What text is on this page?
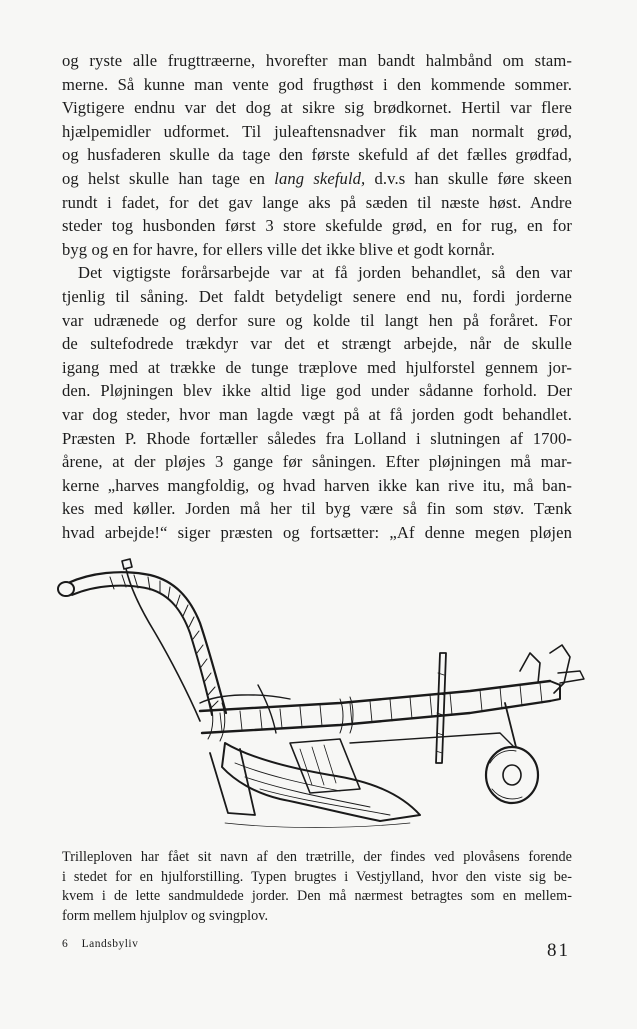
og ryste alle frugttræerne, hvorefter man bandt halmbånd om stam-
merne. Så kunne man vente god frugthøst i den kommende sommer.
Vigtigere endnu var det dog at sikre sig brødkornet. Hertil var flere
hjælpemidler udformet. Til juleaftensnadver fik man normalt grød,
og husfaderen skulle da tage den første skefuld af det fælles grødfad,
og helst skulle han tage en lang skefuld, d.v.s han skulle føre skeen
rundt i fadet, for det gav lange aks på sæden til næste høst. Andre
steder tog husbonden først 3 store skefulde grød, en for rug, en for
byg og en for havre, for ellers ville det ikke blive et godt kornår.
Det vigtigste forårsarbejde var at få jorden behandlet, så den var
tjenlig til såning. Det faldt betydeligt senere end nu, fordi jorderne
var udrænede og derfor sure og kolde til langt hen på foråret. For
de sultefodrede trækdyr var det et strængt arbejde, når de skulle
igang med at trække de tunge træplove med hjulforstel gennem jor-
den. Pløjningen blev ikke altid lige god under sådanne forhold. Der
var dog steder, hvor man lagde vægt på at få jorden godt behandlet.
Præsten P. Rhode fortæller således fra Lolland i slutningen af 1700-
årene, at der pløjes 3 gange før såningen. Efter pløjningen må mar-
kerne „harves mangfoldig, og hvad harven ikke kan rive itu, må ban-
kes med køller. Jorden må her til byg være så fin som støv. Tænk
hvad arbejde!“ siger præsten og fortsætter: „Af denne megen pløjen
Trilleploven har fået sit navn af den trætrille, der findes ved plovåsens forende
i stedet for en hjulforstilling. Typen brugtes i Vestjylland, hvor den viste sig be-
kvem i de lette sandmuldede jorder. Den må nærmest betragtes som en mellem-
form mellem hjulplov og svingplov.
6 Landsbyliv	81
